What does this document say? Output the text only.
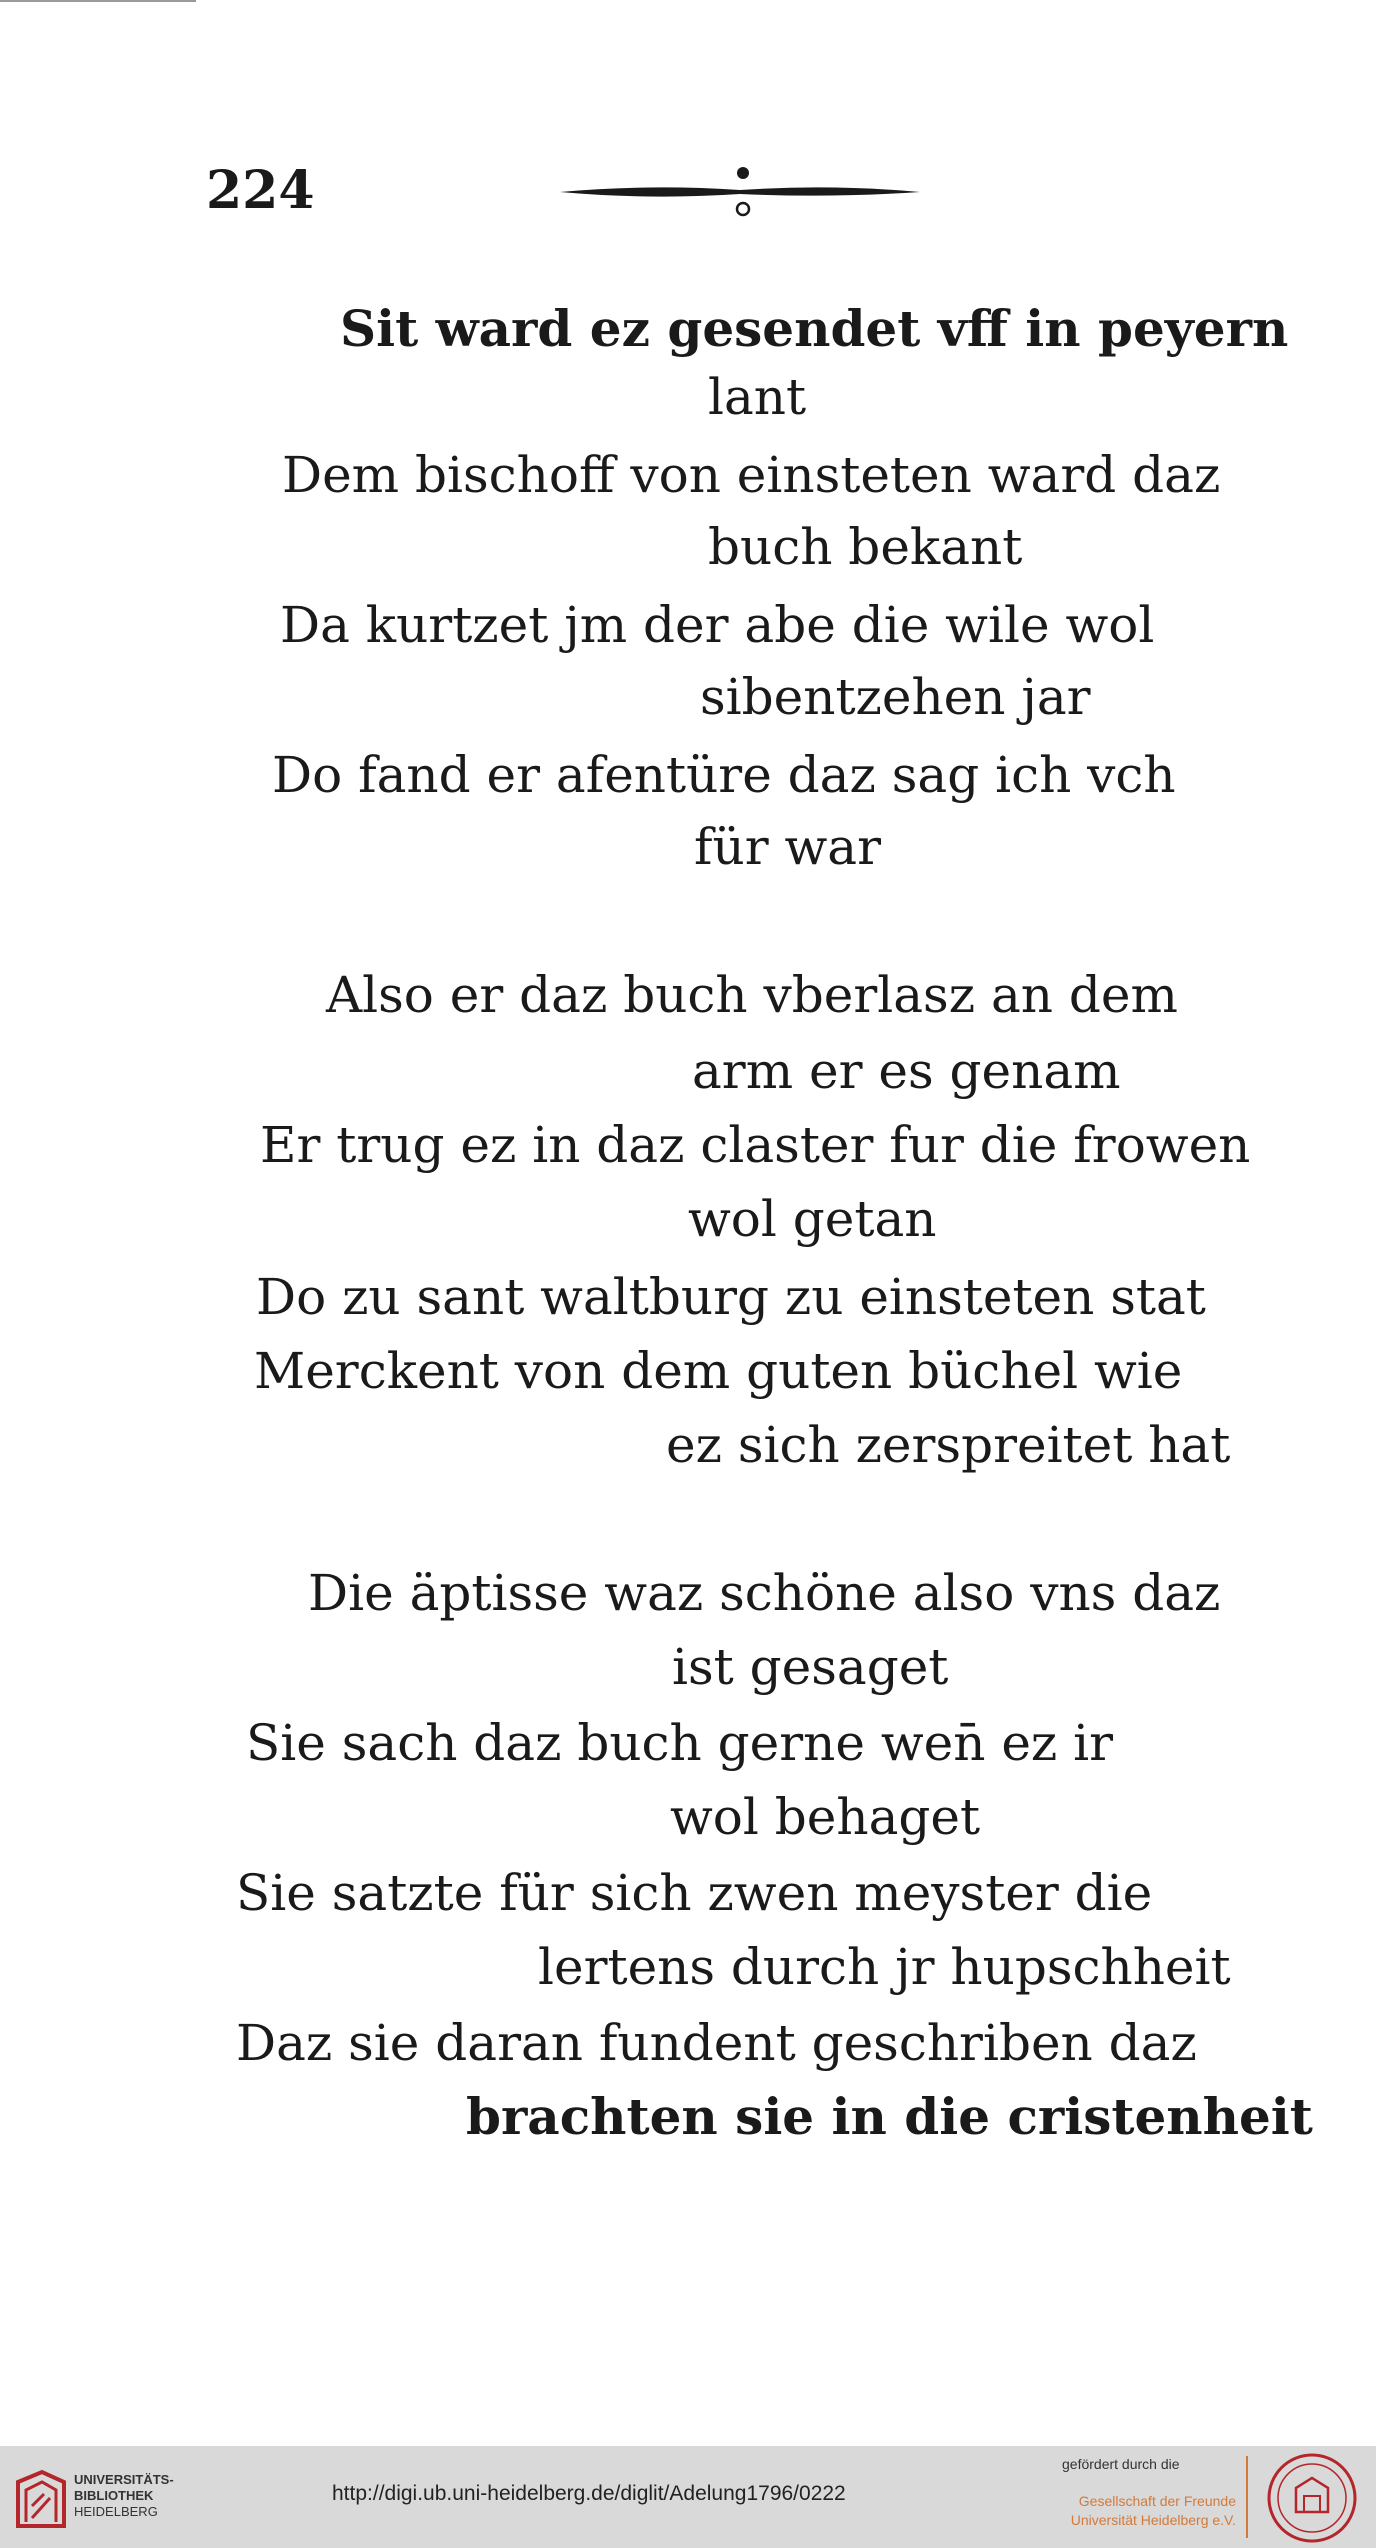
224

Sit ward ez gesendet vff in peyern

lant

Dem bischoff von einsteten ward daz

buch bekant

Da kurtzet jm der abe die wile wol

sibentzehen jar

Do fand er afentüre daz sag ich vch

für war

Also er daz buch vberlasz an dem

arm er es genam

Er trug ez in daz claster fur die frowen

wol getan

Do zu sant waltburg zu einsteten stat

Merckent von dem guten büchel wie

ez sich zerspreitet hat

Die äptisse waz schöne also vns daz

ist gesaget

Sie sach daz buch gerne wen̄ ez ir

wol behaget

Sie satzte für sich zwen meyster die

lertens durch jr hupschheit

Daz sie daran fundent geschriben daz

brachten sie in die cristenheit

UNIVERSITÄTS-
BIBLIOTHEK
HEIDELBERG
http://digi.ub.uni-heidelberg.de/diglit/Adelung1796/0222
gefördert durch die
Gesellschaft der Freunde
Universität Heidelberg e.V.
